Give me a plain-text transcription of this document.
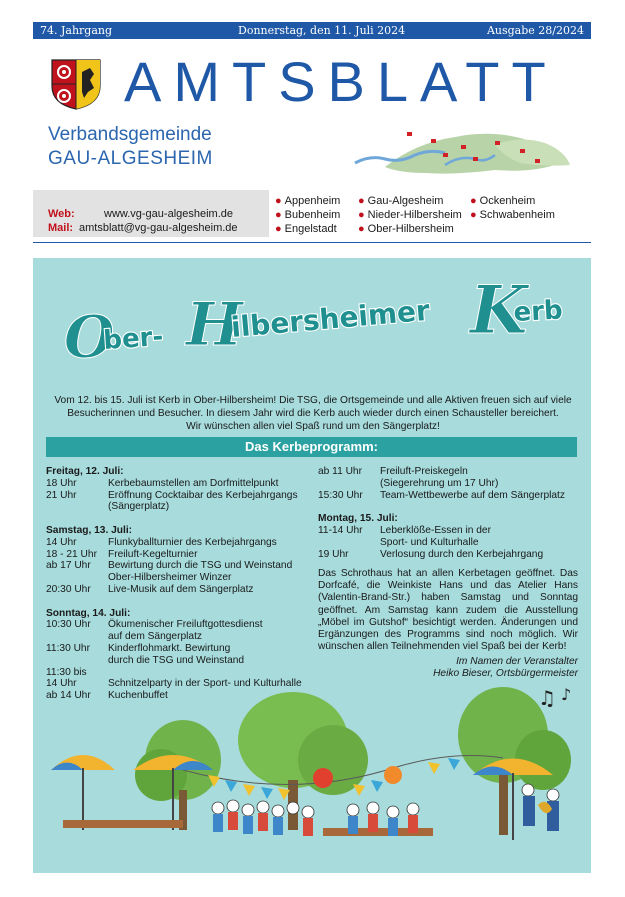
74. Jahrgang	Donnerstag, den 11. Juli 2024	Ausgabe 28/2024
AMTSBLATT
Verbandsgemeinde
GAU-ALGESHEIM
Web:	www.vg-gau-algesheim.de
Mail: amtsblatt@vg-gau-algesheim.de
● Appenheim
● Bubenheim
● Engelstadt
● Gau-Algesheim
● Nieder-Hilbersheim
● Ober-Hilbersheim
● Ockenheim
● Schwabenheim
O H	K
ber- ilbersheimer	erb
Vom 12. bis 15. Juli ist Kerb in Ober-Hilbersheim! Die TSG, die Ortsgemeinde und alle Aktiven freuen sich auf viele
Besucherinnen und Besucher. In diesem Jahr wird die Kerb auch wieder durch einen Schausteller bereichert.
Wir wünschen allen viel Spaß rund um den Sängerplatz!
Das Kerbeprogramm:
Freitag, 12. Juli:
18 Uhr	Kerbebaumstellen am Dorfmittelpunkt
21 Uhr	Eröffnung Cocktaibar des Kerbejahrgangs
(Sängerplatz)
Samstag, 13. Juli:
14 Uhr	Flunkyballturnier des Kerbejahrgangs
18 - 21 Uhr Freiluft-Kegelturnier
ab 17 Uhr Bewirtung durch die TSG und Weinstand
Ober-Hilbersheimer Winzer
20:30 Uhr Live-Musik auf dem Sängerplatz
Sonntag, 14. Juli:
10:30 Uhr Ökumenischer Freiluftgottesdienst
auf dem Sängerplatz
11:30 Uhr Kinderflohmarkt. Bewirtung
durch die TSG und Weinstand
11:30 bis
14 Uhr	Schnitzelparty in der Sport- und Kulturhalle
ab 14 Uhr Kuchenbuffet
ab 11 Uhr Freiluft-Preiskegeln
(Siegerehrung um 17 Uhr)
15:30 Uhr Team-Wettbewerbe auf dem Sängerplatz
Montag, 15. Juli:
11-14 Uhr Leberklöße-Essen in der
Sport- und Kulturhalle
19 Uhr	Verlosung durch den Kerbejahrgang
Das Schrothaus hat an allen Kerbetagen geöffnet. Das Dorfcafé, die Weinkiste Hans und das Atelier Hans (Valentin-Brand-Str.) haben Samstag und Sonntag geöffnet. Am Samstag kann zudem die Ausstellung „Möbel im Gutshof“ besichtigt werden. Änderungen und Ergänzungen des Programms sind noch möglich. Wir wünschen allen Teilnehmenden viel Spaß bei der Kerb!
Im Namen der Veranstalter
Heiko Bieser, Ortsbürgermeister
♫ ♪
